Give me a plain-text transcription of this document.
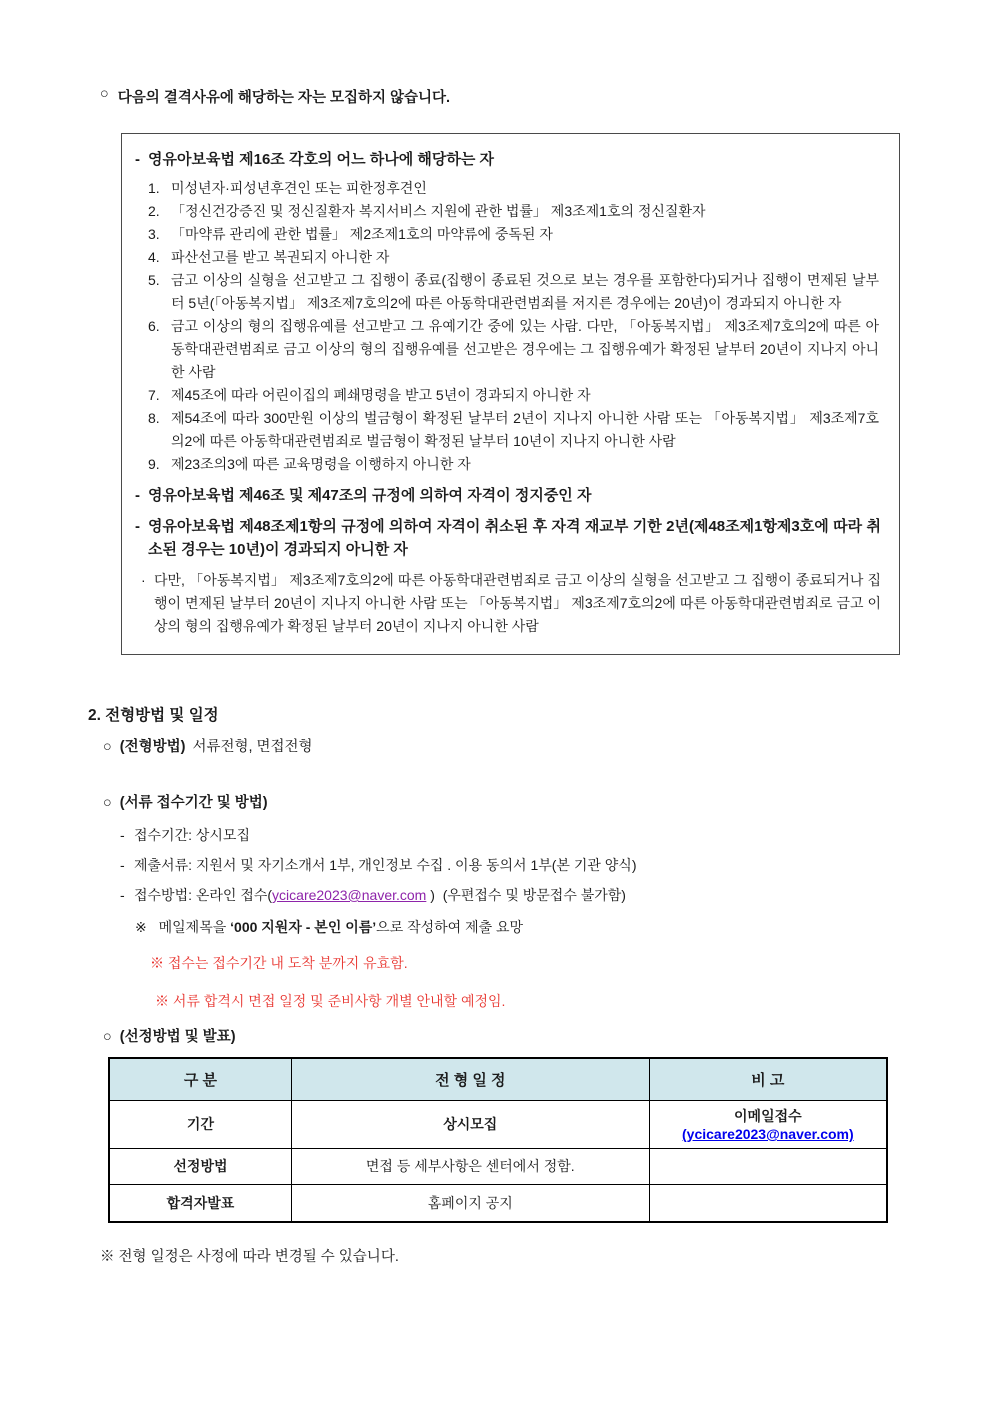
○ 다음의 결격사유에 해당하는 자는 모집하지 않습니다.
- 영유아보육법 제16조 각호의 어느 하나에 해당하는 자
1. 미성년자·피성년후견인 또는 피한정후견인
2. 「정신건강증진 및 정신질환자 복지서비스 지원에 관한 법률」 제3조제1호의 정신질환자
3. 「마약류 관리에 관한 법률」 제2조제1호의 마약류에 중독된 자
4. 파산선고를 받고 복권되지 아니한 자
5. 금고 이상의 실형을 선고받고 그 집행이 종료(집행이 종료된 것으로 보는 경우를 포함한다)되거나 집행이 면제된 날부터 5년(「아동복지법」 제3조제7호의2에 따른 아동학대관련범죄를 저지른 경우에는 20년)이 경과되지 아니한 자
6. 금고 이상의 형의 집행유예를 선고받고 그 유예기간 중에 있는 사람. 다만, 「아동복지법」 제3조제7호의2에 따른 아동학대관련범죄로 금고 이상의 형의 집행유예를 선고받은 경우에는 그 집행유예가 확정된 날부터 20년이 지나지 아니한 사람
7. 제45조에 따라 어린이집의 폐쇄명령을 받고 5년이 경과되지 아니한 자
8. 제54조에 따라 300만원 이상의 벌금형이 확정된 날부터 2년이 지나지 아니한 사람 또는 「아동복지법」 제3조제7호의2에 따른 아동학대관련범죄로 벌금형이 확정된 날부터 10년이 지나지 아니한 사람
9. 제23조의3에 따른 교육명령을 이행하지 아니한 자
- 영유아보육법 제46조 및 제47조의 규정에 의하여 자격이 정지중인 자
- 영유아보육법 제48조제1항의 규정에 의하여 자격이 취소된 후 자격 재교부 기한 2년(제48조제1항제3호에 따라 취소된 경우는 10년)이 경과되지 아니한 자
· 다만, 「아동복지법」 제3조제7호의2에 따른 아동학대관련범죄로 금고 이상의 실형을 선고받고 그 집행이 종료되거나 집행이 면제된 날부터 20년이 지나지 아니한 사람 또는 「아동복지법」 제3조제7호의2에 따른 아동학대관련범죄로 금고 이상의 형의 집행유예가 확정된 날부터 20년이 지나지 아니한 사람
2. 전형방법 및 일정
○ (전형방법) 서류전형, 면접전형
○ (서류 접수기간 및 방법)
- 접수기간: 상시모집
- 제출서류: 지원서 및 자기소개서 1부, 개인정보 수집 . 이용 동의서 1부(본 기관 양식)
- 접수방법: 온라인 접수(ycicare2023@naver.com ) (우편접수 및 방문접수 불가함)
※ 메일제목을 ‘000 지원자 - 본인 이름’으로 작성하여 제출 요망
※ 접수는 접수기간 내 도착 분까지 유효함.
※ 서류 합격시 면접 일정 및 준비사항 개별 안내할 예정임.
○ (선정방법 및 발표)
구 분	전 형 일 정	비 고
기간	상시모집	이메일접수
(ycicare2023@naver.com)

선정방법	면접 등 세부사항은 센터에서 정함.	
합격자발표	홈페이지 공지	
※ 전형 일정은 사정에 따라 변경될 수 있습니다.
